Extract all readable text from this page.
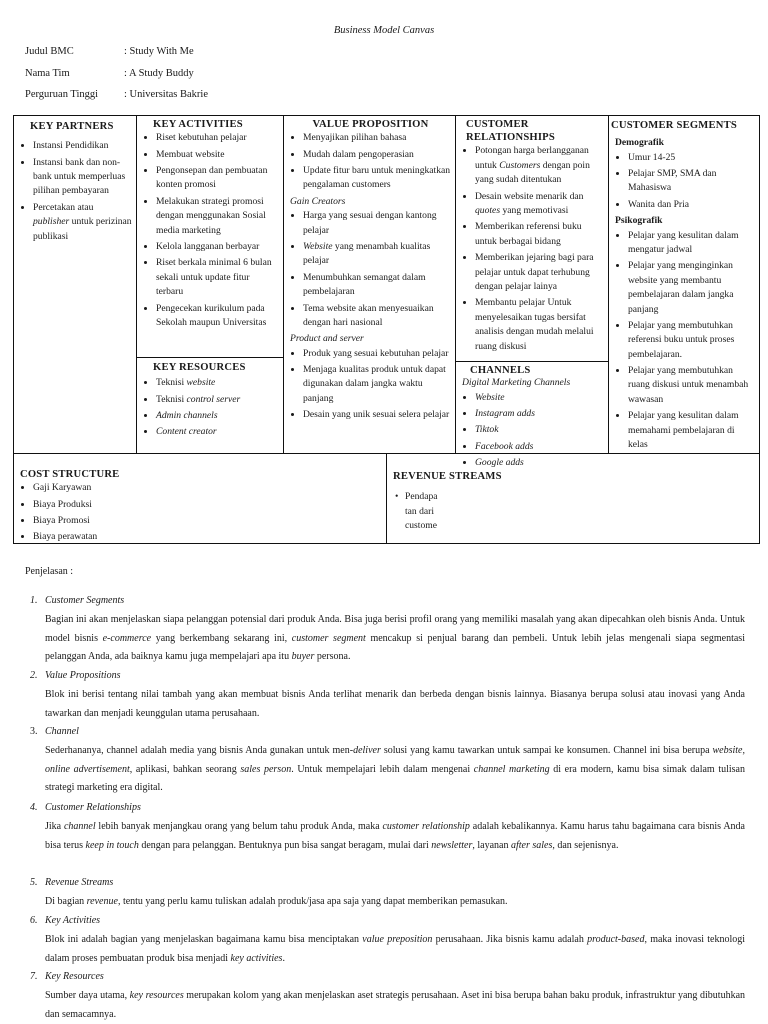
Business Model Canvas
Judul BMC	: Study With Me
Nama Tim	: A Study Buddy
Perguruan Tinggi : Universitas Bakrie
KEY PARTNERS
• Instansi Pendidikan
• Instansi bank dan non-bank untuk memperluas pilihan pembayaran
• Percetakan atau publisher untuk perizinan publikasi
KEY ACTIVITIES
• Riset kebutuhan pelajar
• Membuat website
• Pengonsepan dan pembuatan konten promosi
• Melakukan strategi promosi dengan menggunakan Sosial media marketing
• Kelola langganan berbayar
• Riset berkala minimal 6 bulan sekali untuk update fitur terbaru
• Pengecekan kurikulum pada Sekolah maupun Universitas
KEY RESOURCES
• Teknisi website
• Teknisi control server
• Admin channels
• Content creator
VALUE PROPOSITION
• Menyajikan pilihan bahasa
• Mudah dalam pengoperasian
• Update fitur baru untuk meningkatkan pengalaman customers
Gain Creators
• Harga yang sesuai dengan kantong pelajar
• Website yang menambah kualitas pelajar
• Menumbuhkan semangat dalam pembelajaran
• Tema website akan menyesuaikan dengan hari nasional
Product and server
• Produk yang sesuai kebutuhan pelajar
• Menjaga kualitas produk untuk dapat digunakan dalam jangka waktu panjang
• Desain yang unik sesuai selera pelajar
CUSTOMER
RELATIONSHIPS
• Potongan harga berlangganan untuk Customers dengan poin yang sudah ditentukan
• Desain website menarik dan quotes yang memotivasi
• Memberikan referensi buku untuk berbagai bidang
• Memberikan jejaring bagi para pelajar untuk dapat terhubung dengan pelajar lainya
• Membantu pelajar Untuk menyelesaikan tugas bersifat analisis dengan mudah melalui ruang diskusi
CHANNELS
Digital Marketing Channels
• Website
• Instagram adds
• Tiktok
• Facebook adds
• Google adds
CUSTOMER SEGMENTS
Demografik
• Umur 14-25
• Pelajar SMP, SMA dan Mahasiswa
• Wanita dan Pria
Psikografik
• Pelajar yang kesulitan dalam mengatur jadwal
• Pelajar yang menginginkan website yang membantu pembelajaran dalam jangka panjang
• Pelajar yang membutuhkan referensi buku untuk proses pembelajaran.
• Pelajar yang membutuhkan ruang diskusi untuk menambah wawasan
• Pelajar yang kesulitan dalam memahami pembelajaran di kelas
COST STRUCTURE
• Gaji Karyawan
• Biaya Produksi
• Biaya Promosi
• Biaya perawatan
REVENUE STREAMS
• Pendapa
tan dari
custome
Penjelasan :
1. Customer Segments
Bagian ini akan menjelaskan siapa pelanggan potensial dari produk Anda. Bisa juga berisi profil orang yang memiliki masalah yang akan dipecahkan oleh bisnis Anda. Untuk model bisnis e-commerce yang berkembang sekarang ini, customer segment mencakup si penjual barang dan pembeli. Untuk lebih jelas mengenali siapa segmentasi pelanggan Anda, ada baiknya kamu juga mempelajari apa itu buyer persona.
2. Value Propositions
Blok ini berisi tentang nilai tambah yang akan membuat bisnis Anda terlihat menarik dan berbeda dengan bisnis lainnya. Biasanya berupa solusi atau inovasi yang Anda tawarkan dan menjadi keunggulan utama perusahaan.
3. Channel
Sederhananya, channel adalah media yang bisnis Anda gunakan untuk men-deliver solusi yang kamu tawarkan untuk sampai ke konsumen. Channel ini bisa berupa website, online advertisement, aplikasi, bahkan seorang sales person. Untuk mempelajari lebih dalam mengenai channel marketing di era modern, kamu bisa simak dalam tulisan strategi marketing era digital.
4. Customer Relationships
Jika channel lebih banyak menjangkau orang yang belum tahu produk Anda, maka customer relationship adalah kebalikannya. Kamu harus tahu bagaimana cara bisnis Anda bisa terus keep in touch dengan para pelanggan. Bentuknya pun bisa sangat beragam, mulai dari newsletter, layanan after sales, dan sejenisnya.
5. Revenue Streams
Di bagian revenue, tentu yang perlu kamu tuliskan adalah produk/jasa apa saja yang dapat memberikan pemasukan.
6. Key Activities
Blok ini adalah bagian yang menjelaskan bagaimana kamu bisa menciptakan value preposition perusahaan. Jika bisnis kamu adalah product-based, maka inovasi teknologi dalam proses pembuatan produk bisa menjadi key activities.
7. Key Resources
Sumber daya utama, key resources merupakan kolom yang akan menjelaskan aset strategis perusahaan. Aset ini bisa berupa bahan baku produk, infrastruktur yang dibutuhkan dan semacamnya.
